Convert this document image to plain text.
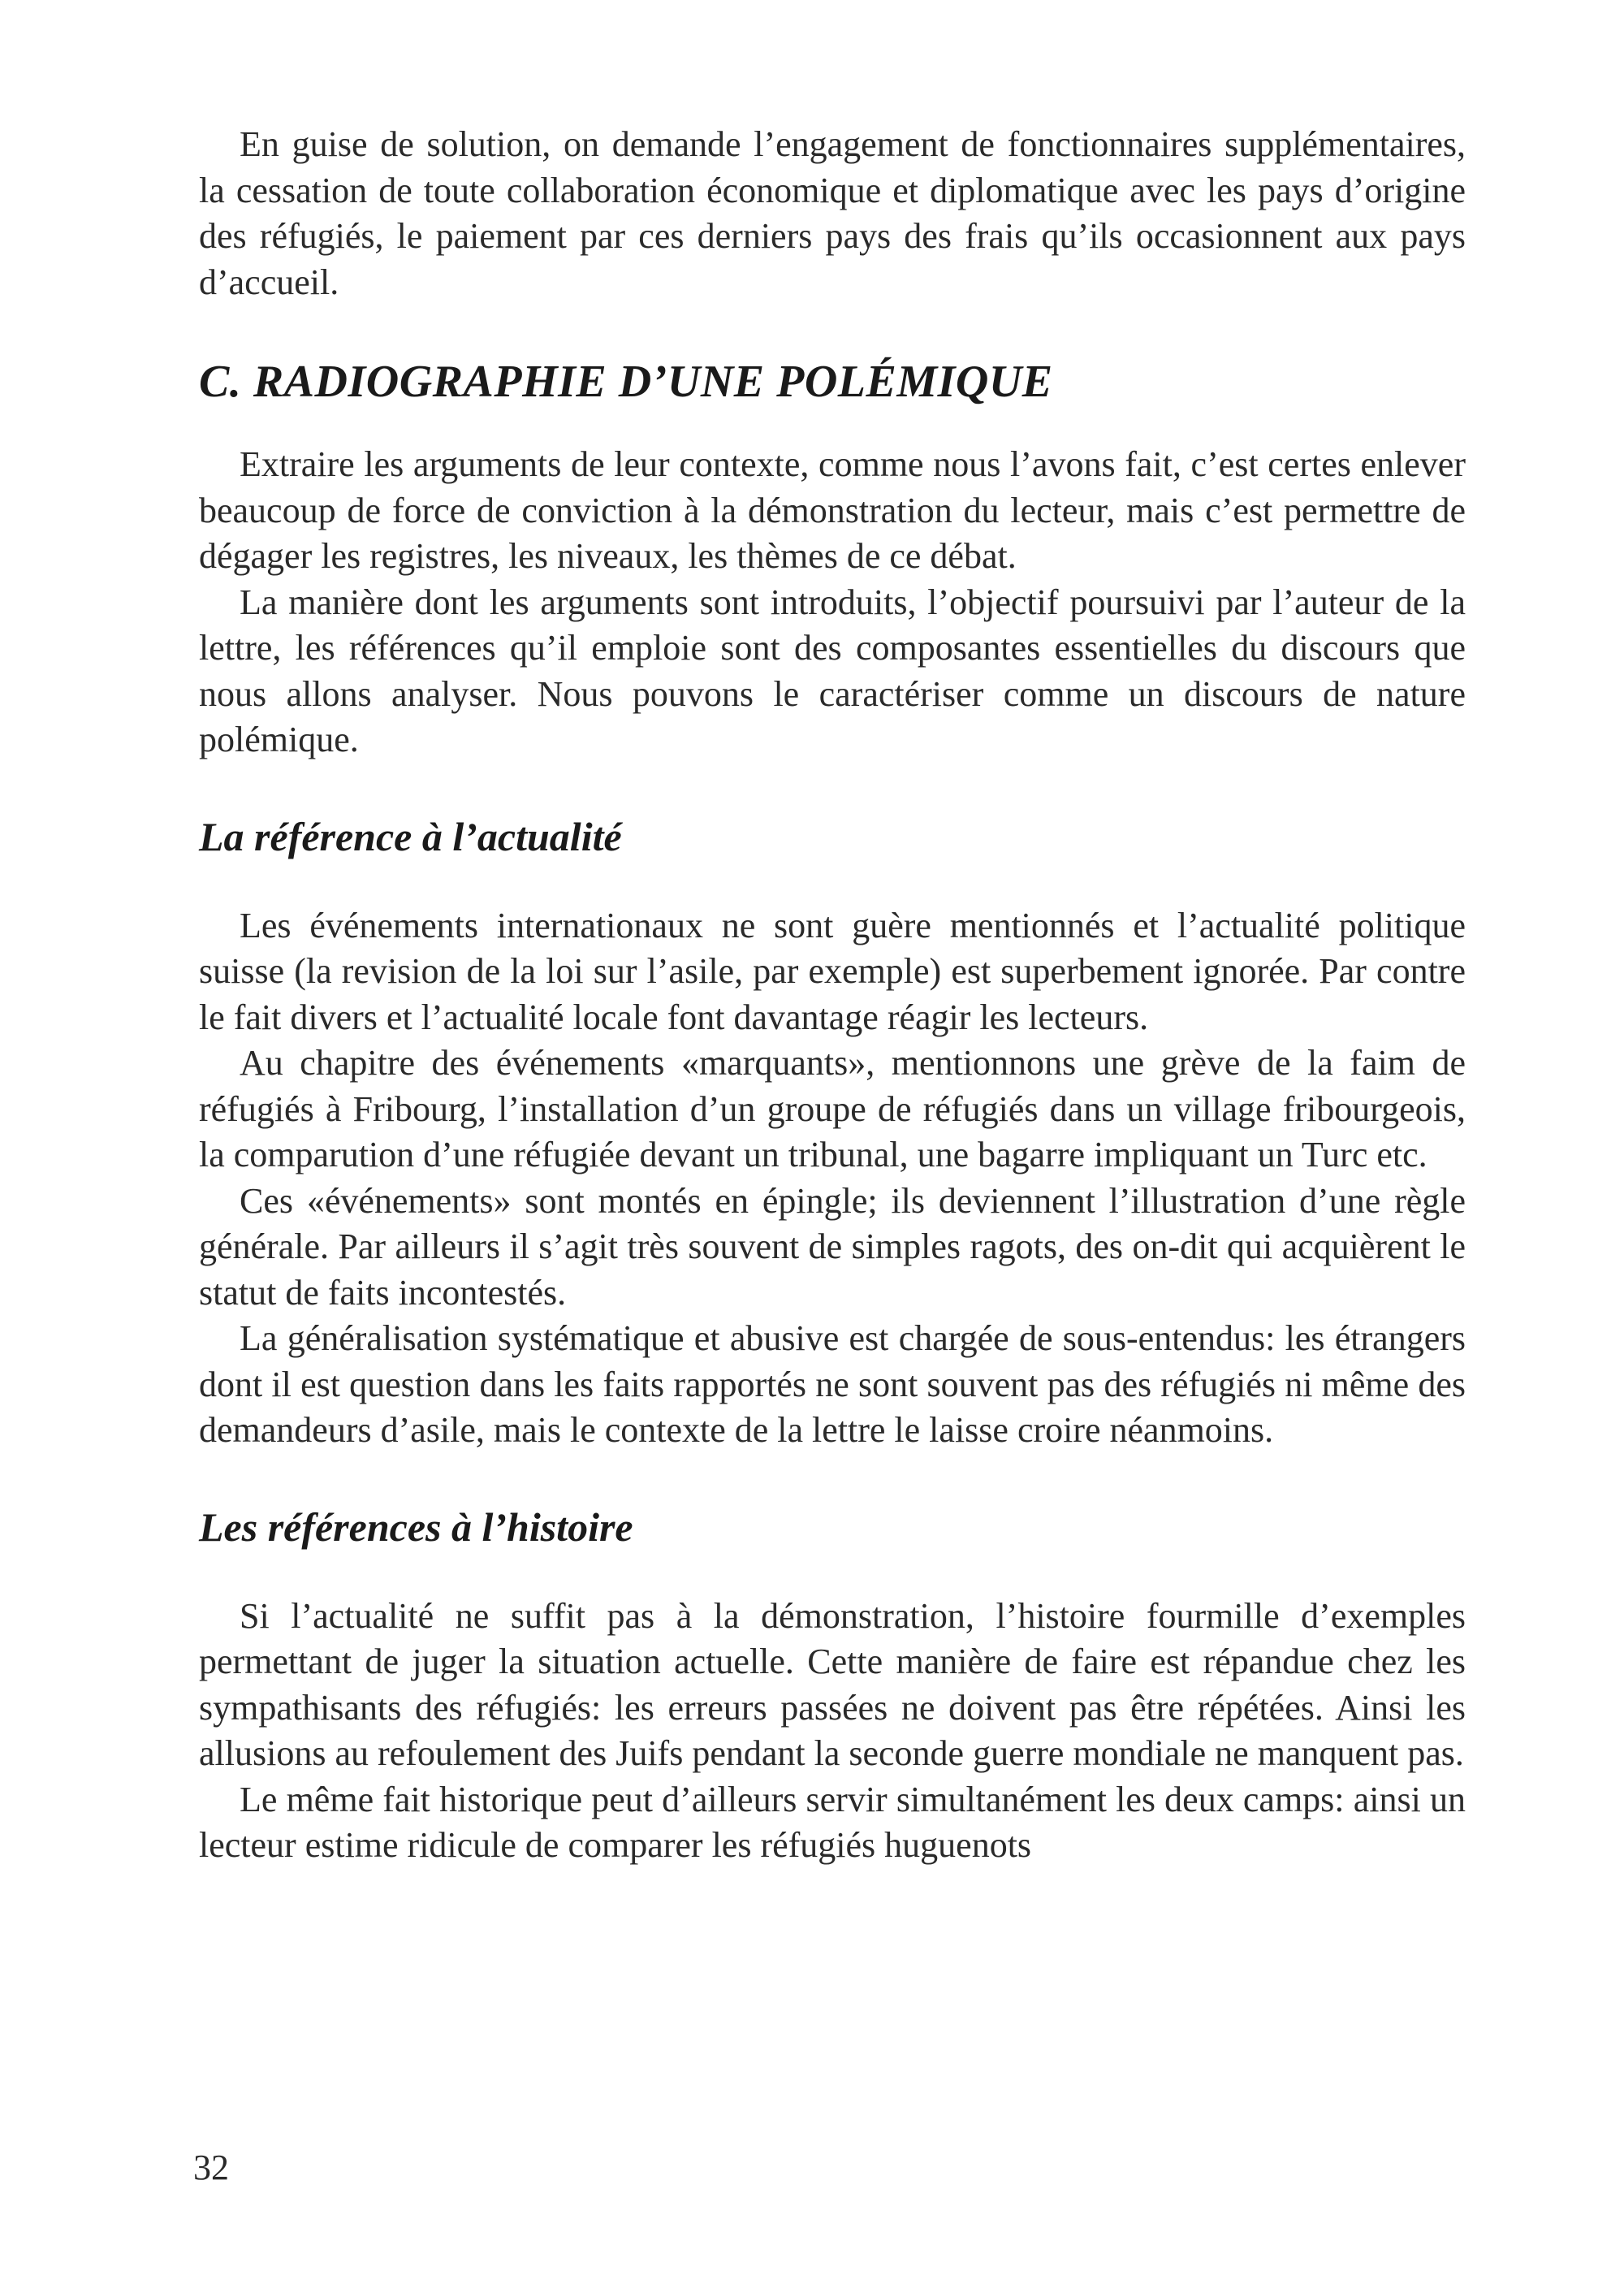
En guise de solution, on demande l’engagement de fonctionnaires supplémentaires, la cessation de toute collaboration économique et diplomatique avec les pays d’origine des réfugiés, le paiement par ces derniers pays des frais qu’ils occasionnent aux pays d’accueil.

C. RADIOGRAPHIE D’UNE POLÉMIQUE

Extraire les arguments de leur contexte, comme nous l’avons fait, c’est certes enlever beaucoup de force de conviction à la démonstration du lecteur, mais c’est permettre de dégager les registres, les niveaux, les thèmes de ce débat.

La manière dont les arguments sont introduits, l’objectif poursuivi par l’auteur de la lettre, les références qu’il emploie sont des composantes essentielles du discours que nous allons analyser. Nous pouvons le caractériser comme un discours de nature polémique.

La référence à l’actualité

Les événements internationaux ne sont guère mentionnés et l’actualité politique suisse (la revision de la loi sur l’asile, par exemple) est superbement ignorée. Par contre le fait divers et l’actualité locale font davantage réagir les lecteurs.

Au chapitre des événements «marquants», mentionnons une grève de la faim de réfugiés à Fribourg, l’installation d’un groupe de réfugiés dans un village fribourgeois, la comparution d’une réfugiée devant un tribunal, une bagarre impliquant un Turc etc.

Ces «événements» sont montés en épingle; ils deviennent l’illustration d’une règle générale. Par ailleurs il s’agit très souvent de simples ragots, des on-dit qui acquièrent le statut de faits incontestés.

La généralisation systématique et abusive est chargée de sous-entendus: les étrangers dont il est question dans les faits rapportés ne sont souvent pas des réfugiés ni même des demandeurs d’asile, mais le contexte de la lettre le laisse croire néanmoins.

Les références à l’histoire

Si l’actualité ne suffit pas à la démonstration, l’histoire fourmille d’exemples permettant de juger la situation actuelle. Cette manière de faire est répandue chez les sympathisants des réfugiés: les erreurs passées ne doivent pas être répétées. Ainsi les allusions au refoulement des Juifs pendant la seconde guerre mondiale ne manquent pas.

Le même fait historique peut d’ailleurs servir simultanément les deux camps: ainsi un lecteur estime ridicule de comparer les réfugiés huguenots

32
